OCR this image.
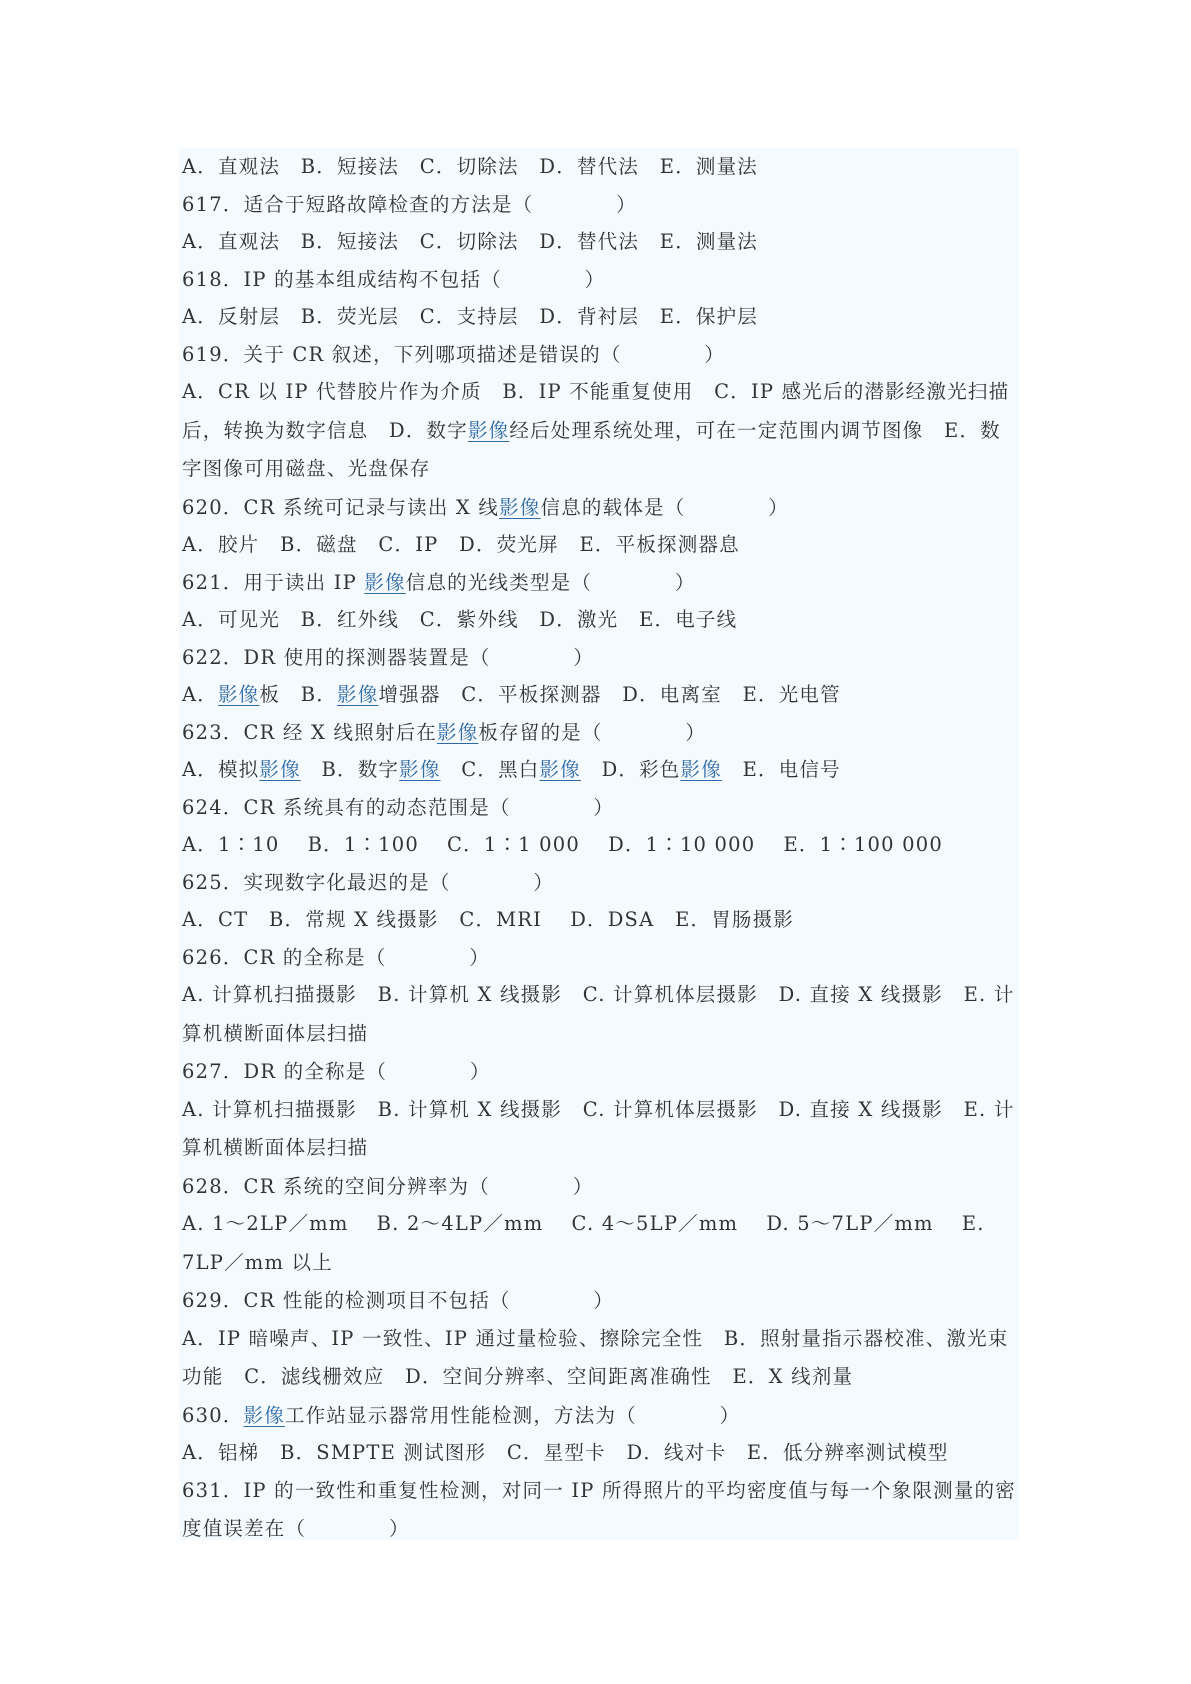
A．直观法　B．短接法　C．切除法　D．替代法　E．测量法
617．适合于短路故障检查的方法是（　　　　）
A．直观法　B．短接法　C．切除法　D．替代法　E．测量法
618．IP 的基本组成结构不包括（　　　　）
A．反射层　B．荧光层　C．支持层　D．背衬层　E．保护层
619．关于 CR 叙述，下列哪项描述是错误的（　　　　）
A．CR 以 IP 代替胶片作为介质　B．IP 不能重复使用　C．IP 感光后的潜影经激光扫描后，转换为数字信息　D．数字影像经后处理系统处理，可在一定范围内调节图像　E．数字图像可用磁盘、光盘保存
620．CR 系统可记录与读出 X 线影像信息的载体是（　　　　）
A．胶片　B．磁盘　C．IP　D．荧光屏　E．平板探测器息
621．用于读出 IP 影像信息的光线类型是（　　　　）
A．可见光　B．红外线　C．紫外线　D．激光　E．电子线
622．DR 使用的探测器装置是（　　　　）
A．影像板　B．影像增强器　C．平板探测器　D．电离室　E．光电管
623．CR 经 X 线照射后在影像板存留的是（　　　　）
A．模拟影像　B．数字影像　C．黑白影像　D．彩色影像　E．电信号
624．CR 系统具有的动态范围是（　　　　）
A．1∶10　 B．1∶100　 C．1∶1 000　 D．1∶10 000　 E．1∶100 000
625．实现数字化最迟的是（　　　　）
A．CT　B．常规 X 线摄影　C．MRI　 D．DSA　E．胃肠摄影
626．CR 的全称是（　　　　）
A. 计算机扫描摄影　B. 计算机 X 线摄影　C. 计算机体层摄影　D. 直接 X 线摄影　E. 计算机横断面体层扫描
627．DR 的全称是（　　　　）
A. 计算机扫描摄影　B. 计算机 X 线摄影　C. 计算机体层摄影　D. 直接 X 线摄影　E. 计算机横断面体层扫描
628．CR 系统的空间分辨率为（　　　　）
A. 1～2LP／mm　 B. 2～4LP／mm　 C. 4～5LP／mm　 D. 5～7LP／mm　 E. 7LP／mm 以上
629．CR 性能的检测项目不包括（　　　　）
A．IP 暗噪声、IP 一致性、IP 通过量检验、擦除完全性　B．照射量指示器校准、激光束功能　C．滤线栅效应　D．空间分辨率、空间距离准确性　E．X 线剂量
630．影像工作站显示器常用性能检测，方法为（　　　　）
A．铝梯　B．SMPTE 测试图形　C．星型卡　D．线对卡　E．低分辨率测试模型
631．IP 的一致性和重复性检测，对同一 IP 所得照片的平均密度值与每一个象限测量的密度值误差在（　　　　）
